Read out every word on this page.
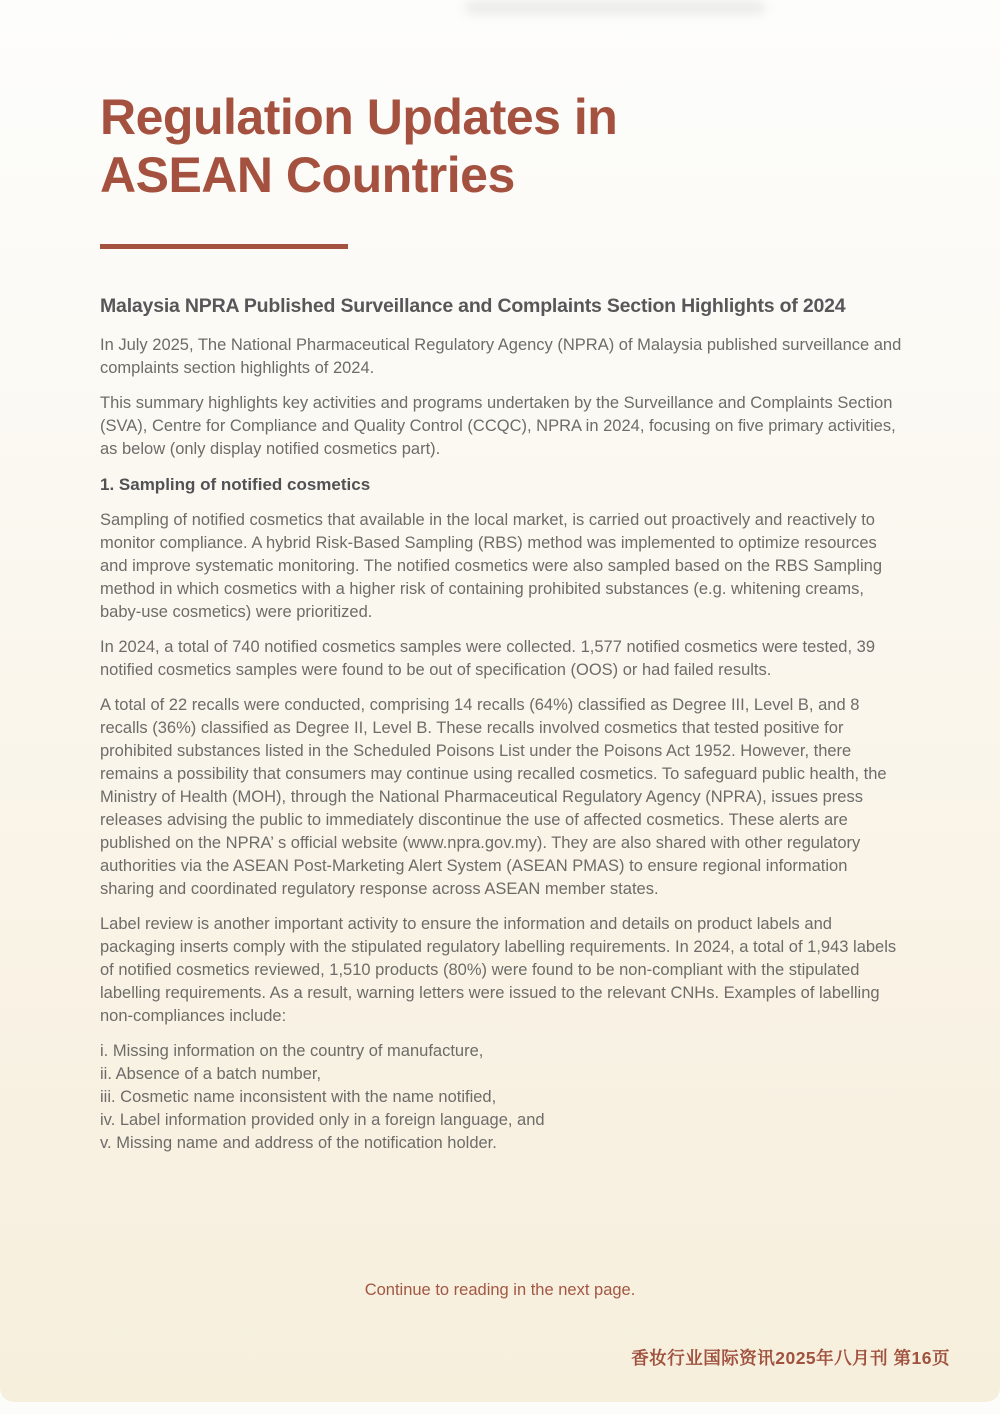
Regulation Updates in
ASEAN Countries
Malaysia NPRA Published Surveillance and Complaints Section Highlights of 2024

In July 2025, The National Pharmaceutical Regulatory Agency (NPRA) of Malaysia published surveillance and complaints section highlights of 2024.

This summary highlights key activities and programs undertaken by the Surveillance and Complaints Section (SVA), Centre for Compliance and Quality Control (CCQC), NPRA in 2024, focusing on five primary activities, as below (only display notified cosmetics part).

1. Sampling of notified cosmetics

Sampling of notified cosmetics that available in the local market, is carried out proactively and reactively to monitor compliance. A hybrid Risk-Based Sampling (RBS) method was implemented to optimize resources and improve systematic monitoring. The notified cosmetics were also sampled based on the RBS Sampling method in which cosmetics with a higher risk of containing prohibited substances (e.g. whitening creams, baby-use cosmetics) were prioritized.

In 2024, a total of 740 notified cosmetics samples were collected. 1,577 notified cosmetics were tested, 39 notified cosmetics samples were found to be out of specification (OOS) or had failed results.

A total of 22 recalls were conducted, comprising 14 recalls (64%) classified as Degree III, Level B, and 8 recalls (36%) classified as Degree II, Level B. These recalls involved cosmetics that tested positive for prohibited substances listed in the Scheduled Poisons List under the Poisons Act 1952. However, there remains a possibility that consumers may continue using recalled cosmetics. To safeguard public health, the Ministry of Health (MOH), through the National Pharmaceutical Regulatory Agency (NPRA), issues press releases advising the public to immediately discontinue the use of affected cosmetics. These alerts are published on the NPRA’ s official website (www.npra.gov.my). They are also shared with other regulatory authorities via the ASEAN Post-Marketing Alert System (ASEAN PMAS) to ensure regional information sharing and coordinated regulatory response across ASEAN member states.

Label review is another important activity to ensure the information and details on product labels and packaging inserts comply with the stipulated regulatory labelling requirements. In 2024, a total of 1,943 labels of notified cosmetics reviewed, 1,510 products (80%) were found to be non-compliant with the stipulated labelling requirements. As a result, warning letters were issued to the relevant CNHs. Examples of labelling non-compliances include:

i. Missing information on the country of manufacture,
ii. Absence of a batch number,
iii. Cosmetic name inconsistent with the name notified,
iv. Label information provided only in a foreign language, and
v. Missing name and address of the notification holder.
Continue to reading in the next page.
香妆行业国际资讯2025年八月刊 第16页
